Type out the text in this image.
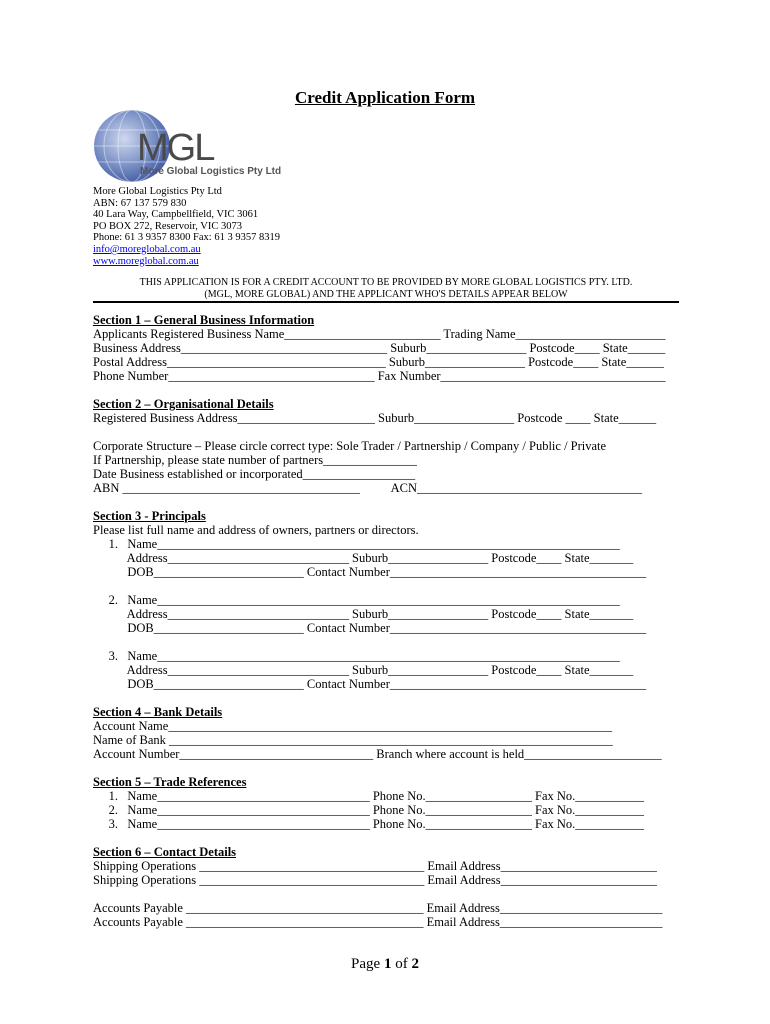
Credit Application Form
MGL
More Global Logistics Pty Ltd
More Global Logistics Pty Ltd
ABN: 67 137 579 830
40 Lara Way, Campbellfield, VIC 3061
PO BOX 272, Reservoir, VIC 3073
Phone: 61 3 9357 8300 Fax: 61 3 9357 8319
info@moreglobal.com.au
www.moreglobal.com.au
THIS APPLICATION IS FOR A CREDIT ACCOUNT TO BE PROVIDED BY MORE GLOBAL LOGISTICS PTY. LTD.
(MGL, MORE GLOBAL) AND THE APPLICANT WHO'S DETAILS APPEAR BELOW
Section 1 – General Business Information
Applicants Registered Business Name_________________________ Trading Name________________________
Business Address_________________________________ Suburb________________ Postcode____ State______
Postal Address___________________________________ Suburb________________ Postcode____ State______
Phone Number_________________________________ Fax Number____________________________________
Section 2 – Organisational Details
Registered Business Address______________________ Suburb________________ Postcode ____ State______
Corporate Structure – Please circle correct type: Sole Trader / Partnership / Company / Public / Private
If Partnership, please state number of partners_______________
Date Business established or incorporated__________________
ABN ______________________________________          ACN____________________________________
Section 3 - Principals
Please list full name and address of owners, partners or directors.
1.   Name__________________________________________________________________________
Address_____________________________ Suburb________________ Postcode____ State_______
DOB________________________ Contact Number_________________________________________
2.   Name__________________________________________________________________________
Address_____________________________ Suburb________________ Postcode____ State_______
DOB________________________ Contact Number_________________________________________
3.   Name__________________________________________________________________________
Address_____________________________ Suburb________________ Postcode____ State_______
DOB________________________ Contact Number_________________________________________
Section 4 – Bank Details
Account Name_______________________________________________________________________
Name of Bank _______________________________________________________________________
Account Number_______________________________ Branch where account is held______________________
Section 5 – Trade References
1.   Name__________________________________ Phone No._________________ Fax No.___________
2.   Name__________________________________ Phone No._________________ Fax No.___________
3.   Name__________________________________ Phone No._________________ Fax No.___________
Section 6 – Contact Details
Shipping Operations ____________________________________ Email Address_________________________
Shipping Operations ____________________________________ Email Address_________________________
Accounts Payable ______________________________________ Email Address__________________________
Accounts Payable ______________________________________ Email Address__________________________
Page 1 of 2
